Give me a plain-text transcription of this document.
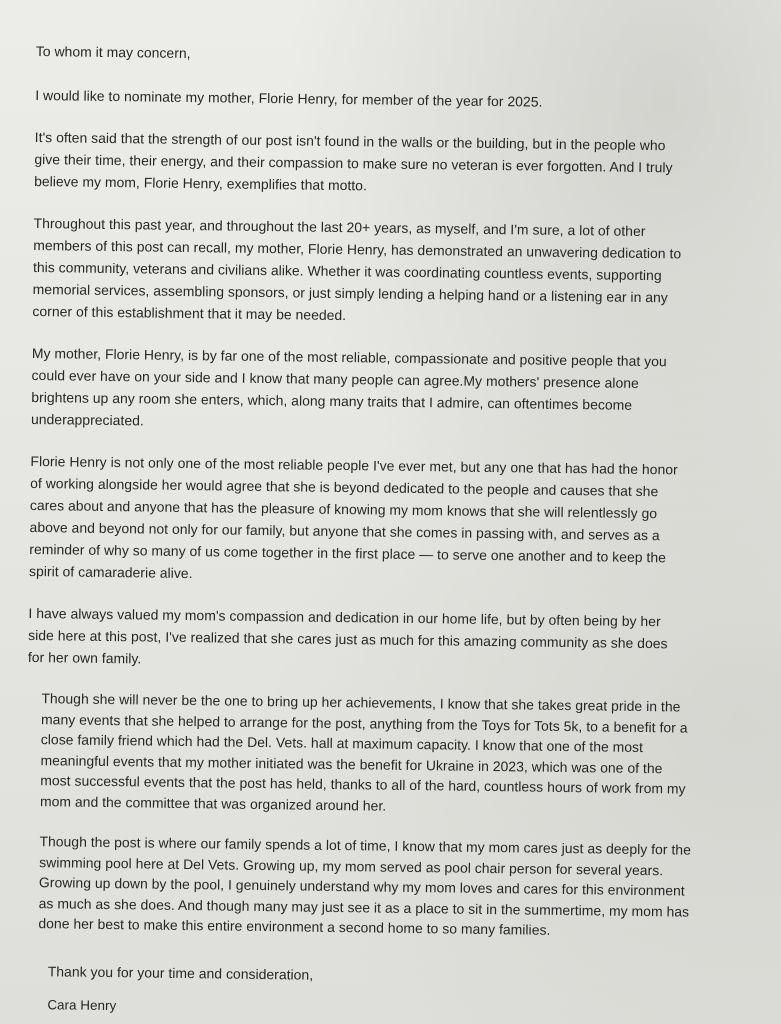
To whom it may concern,

I would like to nominate my mother, Florie Henry, for member of the year for 2025.

It's often said that the strength of our post isn't found in the walls or the building, but in the people who

give their time, their energy, and their compassion to make sure no veteran is ever forgotten. And I truly

believe my mom, Florie Henry, exemplifies that motto.

Throughout this past year, and throughout the last 20+ years, as myself, and I'm sure, a lot of other

members of this post can recall, my mother, Florie Henry, has demonstrated an unwavering dedication to

this community, veterans and civilians alike. Whether it was coordinating countless events, supporting

memorial services, assembling sponsors, or just simply lending a helping hand or a listening ear in any

corner of this establishment that it may be needed.

My mother, Florie Henry, is by far one of the most reliable, compassionate and positive people that you

could ever have on your side and I know that many people can agree.My mothers' presence alone

brightens up any room she enters, which, along many traits that I admire, can oftentimes become

underappreciated.

Florie Henry is not only one of the most reliable people I've ever met, but any one that has had the honor

of working alongside her would agree that she is beyond dedicated to the people and causes that she

cares about and anyone that has the pleasure of knowing my mom knows that she will relentlessly go

above and beyond not only for our family, but anyone that she comes in passing with, and serves as a

reminder of why so many of us come together in the first place — to serve one another and to keep the

spirit of camaraderie alive.

I have always valued my mom's compassion and dedication in our home life, but by often being by her

side here at this post, I've realized that she cares just as much for this amazing community as she does

for her own family.

Though she will never be the one to bring up her achievements, I know that she takes great pride in the

many events that she helped to arrange for the post, anything from the Toys for Tots 5k, to a benefit for a

close family friend which had the Del. Vets. hall at maximum capacity. I know that one of the most

meaningful events that my mother initiated was the benefit for Ukraine in 2023, which was one of the

most successful events that the post has held, thanks to all of the hard, countless hours of work from my

mom and the committee that was organized around her.

Though the post is where our family spends a lot of time, I know that my mom cares just as deeply for the

swimming pool here at Del Vets. Growing up, my mom served as pool chair person for several years.

Growing up down by the pool, I genuinely understand why my mom loves and cares for this environment

as much as she does. And though many may just see it as a place to sit in the summertime, my mom has

done her best to make this entire environment a second home to so many families.

Thank you for your time and consideration,

Cara Henry
